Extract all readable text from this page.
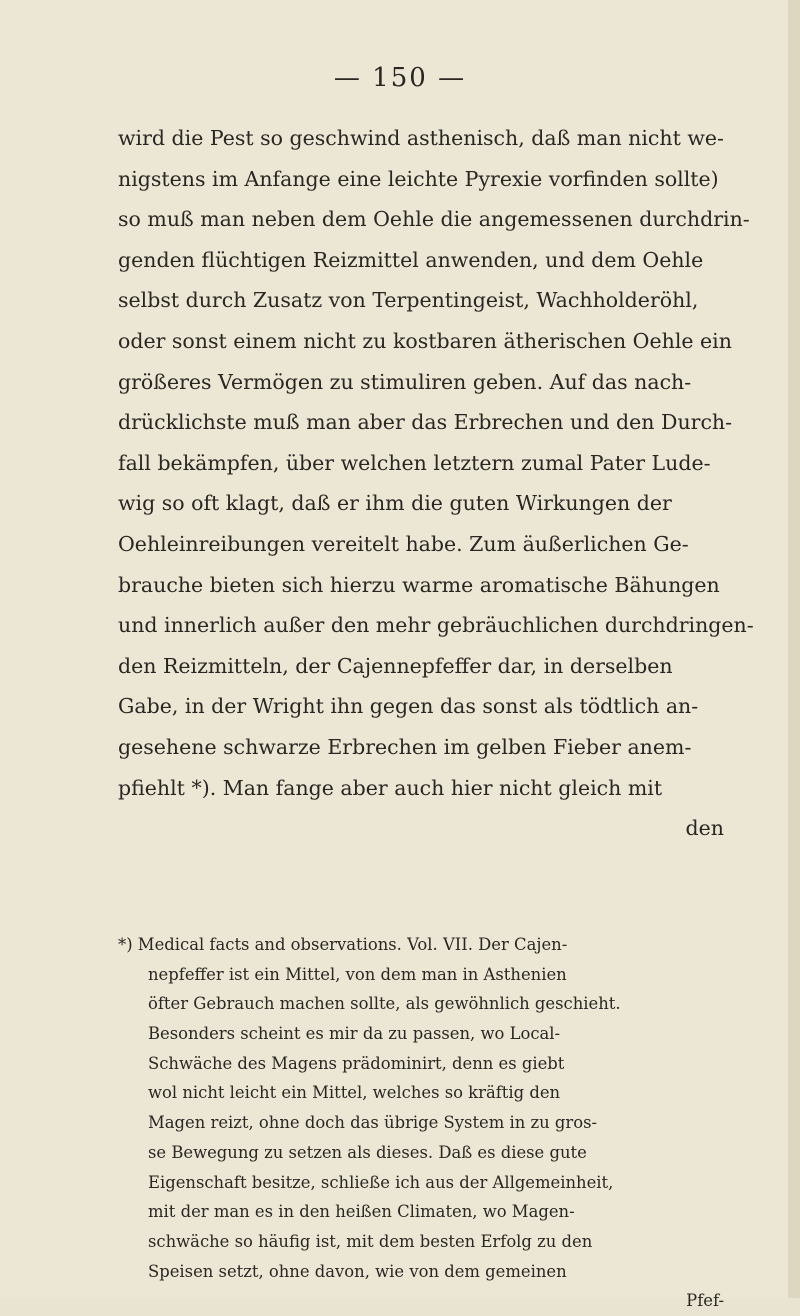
— 150 —
wird die Pest so geschwind asthenisch, daß man nicht we-
nigstens im Anfange eine leichte Pyrexie vorfinden sollte)
so muß man neben dem Oehle die angemessenen durchdrin-
genden flüchtigen Reizmittel anwenden, und dem Oehle
selbst durch Zusatz von Terpentingeist, Wachholderöhl,
oder sonst einem nicht zu kostbaren ätherischen Oehle ein
größeres Vermögen zu stimuliren geben. Auf das nach-
drücklichste muß man aber das Erbrechen und den Durch-
fall bekämpfen, über welchen letztern zumal Pater Lude-
wig so oft klagt, daß er ihm die guten Wirkungen der
Oehleinreibungen vereitelt habe. Zum äußerlichen Ge-
brauche bieten sich hierzu warme aromatische Bähungen
und innerlich außer den mehr gebräuchlichen durchdringen-
den Reizmitteln, der Cajennepfeffer dar, in derselben
Gabe, in der Wright ihn gegen das sonst als tödtlich an-
gesehene schwarze Erbrechen im gelben Fieber anem-
pfiehlt *). Man fange aber auch hier nicht gleich mit
den
*) Medical facts and observations. Vol. VII. Der Cajen-
nepfeffer ist ein Mittel, von dem man in Asthenien
öfter Gebrauch machen sollte, als gewöhnlich geschieht.
Besonders scheint es mir da zu passen, wo Local-
Schwäche des Magens prädominirt, denn es giebt
wol nicht leicht ein Mittel, welches so kräftig den
Magen reizt, ohne doch das übrige System in zu gros-
se Bewegung zu setzen als dieses. Daß es diese gute
Eigenschaft besitze, schließe ich aus der Allgemeinheit,
mit der man es in den heißen Climaten, wo Magen-
schwäche so häufig ist, mit dem besten Erfolg zu den
Speisen setzt, ohne davon, wie von dem gemeinen
Pfef-
